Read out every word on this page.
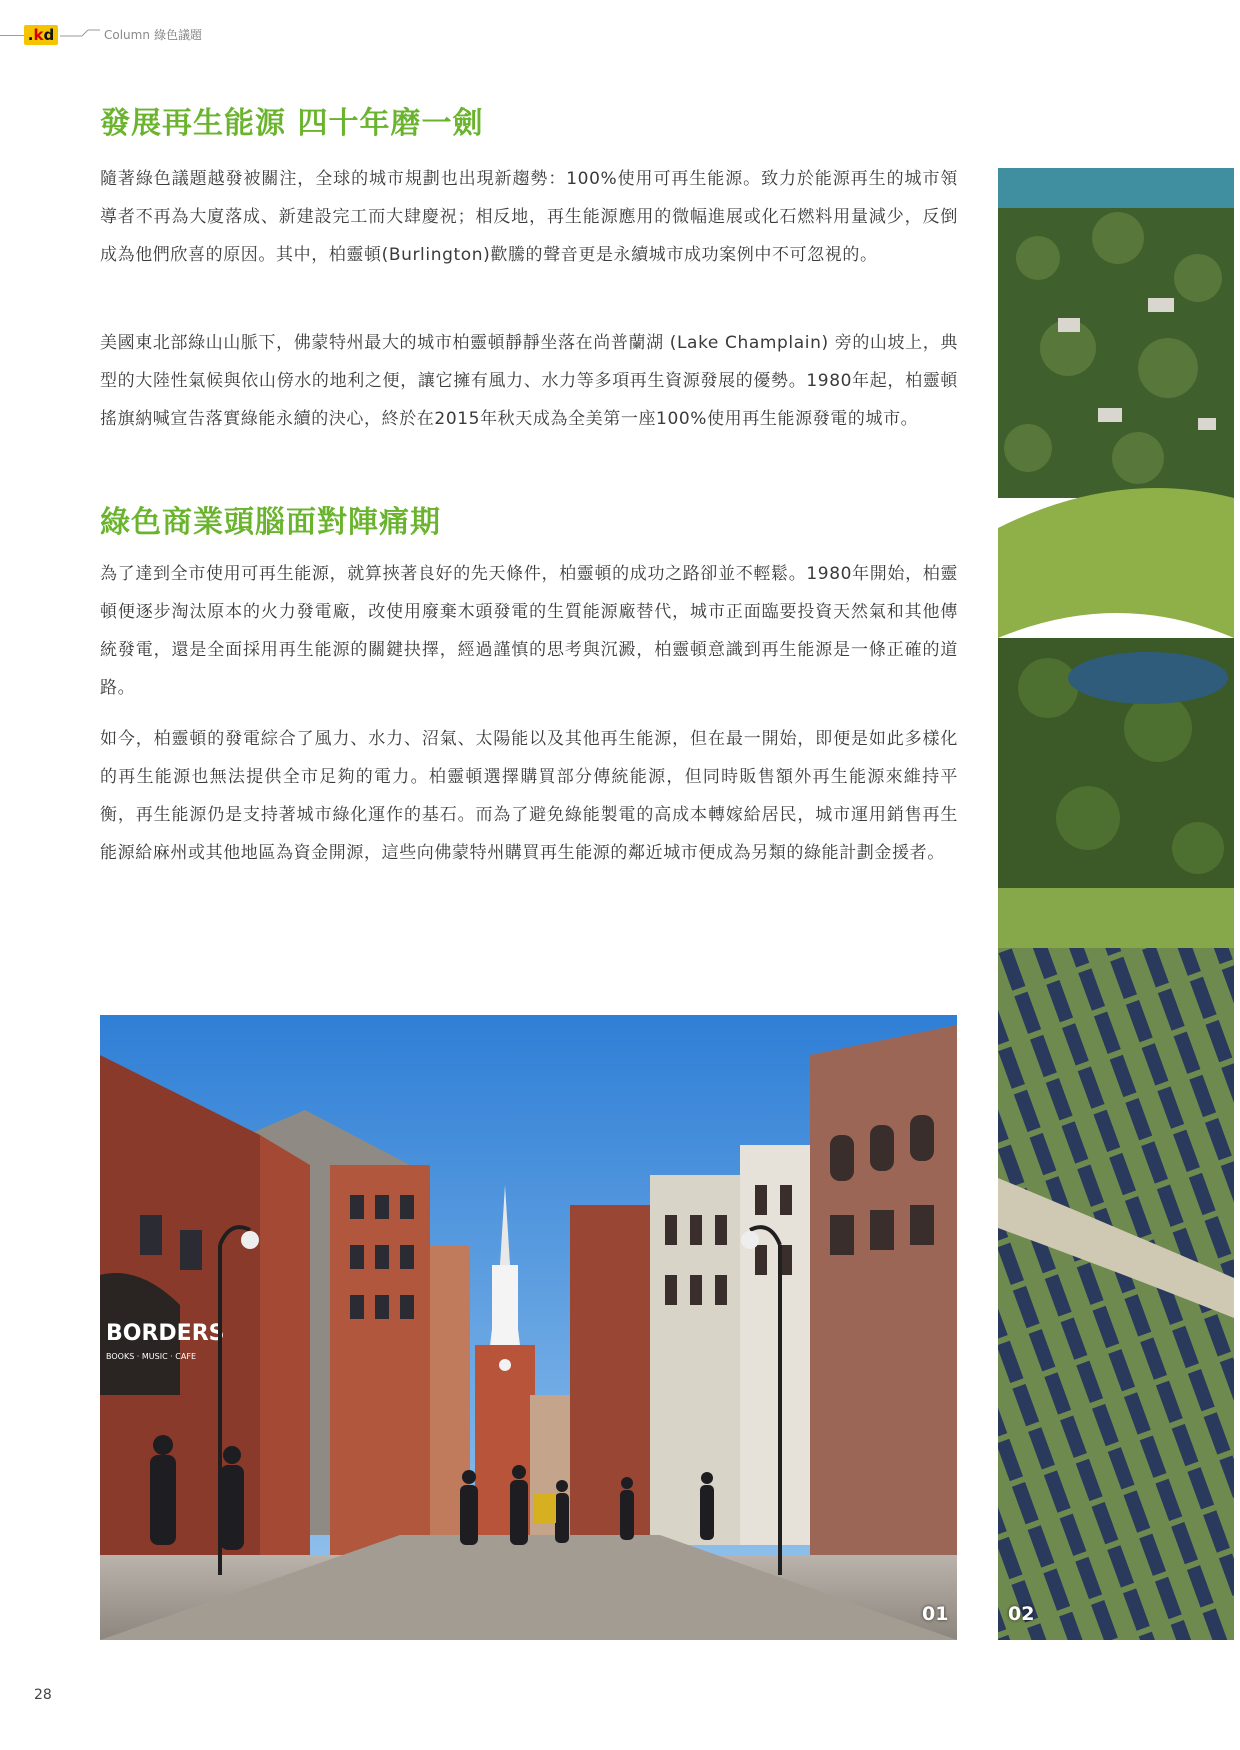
.kd	Column 綠色議題
發展再生能源 四十年磨一劍

隨著綠色議題越發被關注，全球的城市規劃也出現新趨勢：100%使用可再生能源。致力於能源再生的城市領導者不再為大廈落成、新建設完工而大肆慶祝；相反地，再生能源應用的微幅進展或化石燃料用量減少，反倒成為他們欣喜的原因。其中，柏靈頓(Burlington)歡騰的聲音更是永續城市成功案例中不可忽視的。

美國東北部綠山山脈下，佛蒙特州最大的城市柏靈頓靜靜坐落在尚普蘭湖 (Lake Champlain) 旁的山坡上，典型的大陸性氣候與依山傍水的地利之便，讓它擁有風力、水力等多項再生資源發展的優勢。1980年起，柏靈頓搖旗納喊宣告落實綠能永續的決心，終於在2015年秋天成為全美第一座100%使用再生能源發電的城市。

綠色商業頭腦面對陣痛期

為了達到全市使用可再生能源，就算挾著良好的先天條件，柏靈頓的成功之路卻並不輕鬆。1980年開始，柏靈頓便逐步淘汰原本的火力發電廠，改使用廢棄木頭發電的生質能源廠替代，城市正面臨要投資天然氣和其他傳統發電，還是全面採用再生能源的關鍵抉擇，經過謹慎的思考與沉澱，柏靈頓意識到再生能源是一條正確的道路。

如今，柏靈頓的發電綜合了風力、水力、沼氣、太陽能以及其他再生能源，但在最一開始，即便是如此多樣化的再生能源也無法提供全市足夠的電力。柏靈頓選擇購買部分傳統能源，但同時販售額外再生能源來維持平衡，再生能源仍是支持著城市綠化運作的基石。而為了避免綠能製電的高成本轉嫁給居民，城市運用銷售再生能源給麻州或其他地區為資金開源，這些向佛蒙特州購買再生能源的鄰近城市便成為另類的綠能計劃金援者。

BORDERS
BOOKS · MUSIC · CAFE
01	02
28
